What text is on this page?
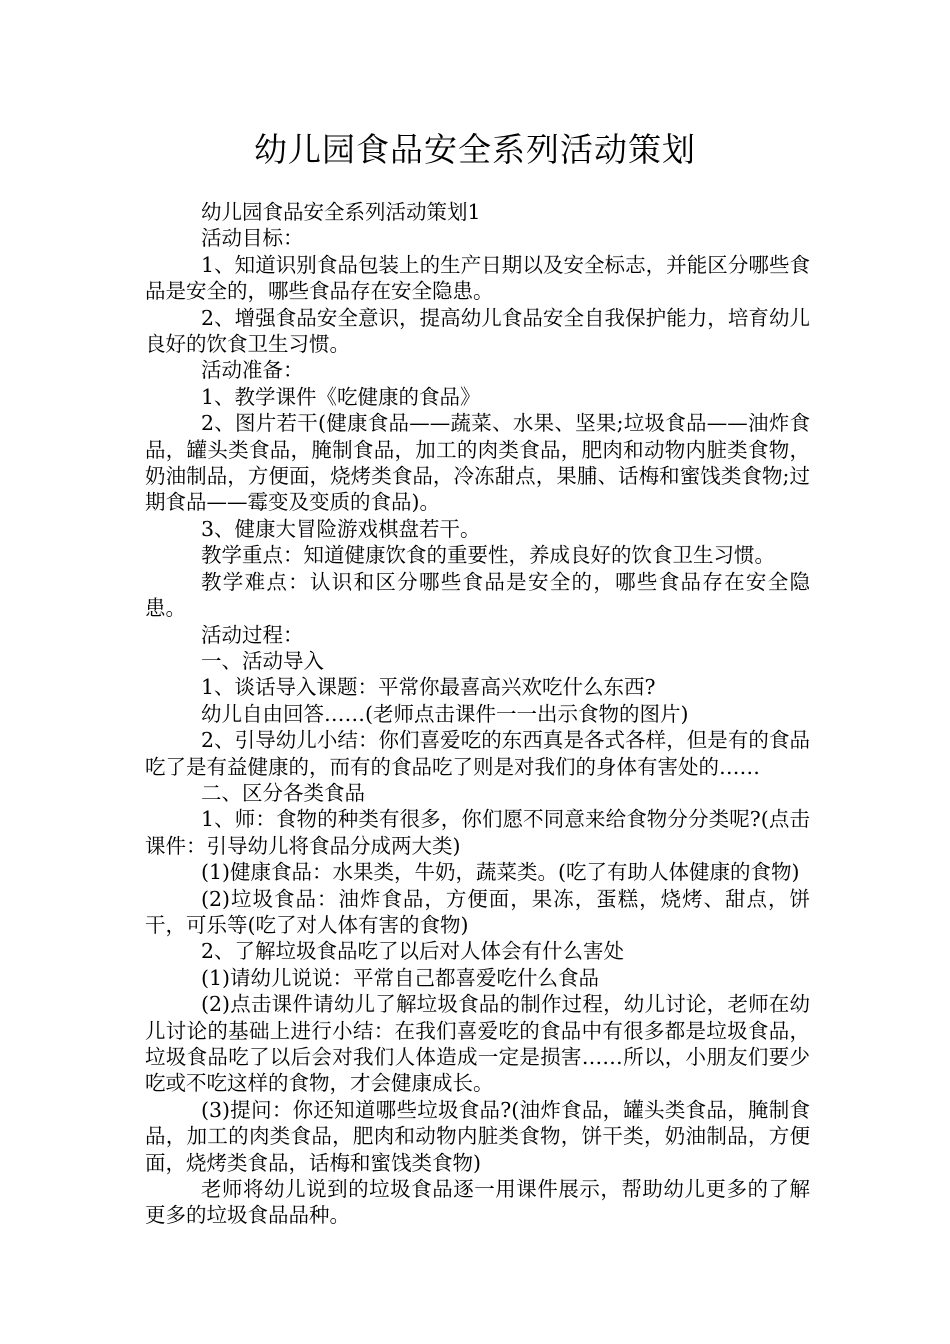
幼儿园食品安全系列活动策划

幼儿园食品安全系列活动策划1

活动目标：

1、知道识别食品包装上的生产日期以及安全标志，并能区分哪些食品是安全的，哪些食品存在安全隐患。

2、增强食品安全意识，提高幼儿食品安全自我保护能力，培育幼儿良好的饮食卫生习惯。

活动准备：

1、教学课件《吃健康的食品》

2、图片若干(健康食品——蔬菜、水果、坚果;垃圾食品——油炸食品，罐头类食品，腌制食品，加工的肉类食品，肥肉和动物内脏类食物，奶油制品，方便面，烧烤类食品，冷冻甜点，果脯、话梅和蜜饯类食物;过期食品——霉变及变质的食品)。

3、健康大冒险游戏棋盘若干。

教学重点：知道健康饮食的重要性，养成良好的饮食卫生习惯。

教学难点：认识和区分哪些食品是安全的，哪些食品存在安全隐患。

活动过程：

一、活动导入

1、谈话导入课题：平常你最喜高兴欢吃什么东西?

幼儿自由回答……(老师点击课件一一出示食物的图片)

2、引导幼儿小结：你们喜爱吃的东西真是各式各样，但是有的食品吃了是有益健康的，而有的食品吃了则是对我们的身体有害处的……

二、区分各类食品

1、师：食物的种类有很多，你们愿不同意来给食物分分类呢?(点击课件：引导幼儿将食品分成两大类)

(1)健康食品：水果类，牛奶，蔬菜类。(吃了有助人体健康的食物)

(2)垃圾食品：油炸食品，方便面，果冻，蛋糕，烧烤、甜点，饼干，可乐等(吃了对人体有害的食物)

2、了解垃圾食品吃了以后对人体会有什么害处

(1)请幼儿说说：平常自己都喜爱吃什么食品

(2)点击课件请幼儿了解垃圾食品的制作过程，幼儿讨论，老师在幼儿讨论的基础上进行小结：在我们喜爱吃的食品中有很多都是垃圾食品，垃圾食品吃了以后会对我们人体造成一定是损害……所以，小朋友们要少吃或不吃这样的食物，才会健康成长。

(3)提问：你还知道哪些垃圾食品?(油炸食品，罐头类食品，腌制食品，加工的肉类食品，肥肉和动物内脏类食物，饼干类，奶油制品，方便面，烧烤类食品，话梅和蜜饯类食物)

老师将幼儿说到的垃圾食品逐一用课件展示，帮助幼儿更多的了解更多的垃圾食品品种。
